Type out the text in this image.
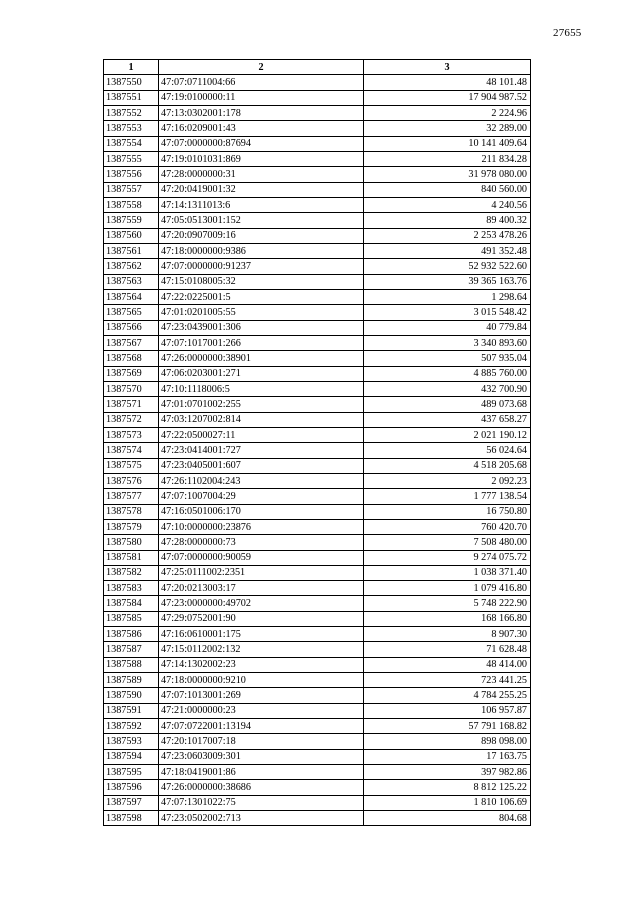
27655
1	2	3
1387550	47:07:0711004:66	48 101.48
1387551	47:19:0100000:11	17 904 987.52
1387552	47:13:0302001:178	2 224.96
1387553	47:16:0209001:43	32 289.00
1387554	47:07:0000000:87694	10 141 409.64
1387555	47:19:0101031:869	211 834.28
1387556	47:28:0000000:31	31 978 080.00
1387557	47:20:0419001:32	840 560.00
1387558	47:14:1311013:6	4 240.56
1387559	47:05:0513001:152	89 400.32
1387560	47:20:0907009:16	2 253 478.26
1387561	47:18:0000000:9386	491 352.48
1387562	47:07:0000000:91237	52 932 522.60
1387563	47:15:0108005:32	39 365 163.76
1387564	47:22:0225001:5	1 298.64
1387565	47:01:0201005:55	3 015 548.42
1387566	47:23:0439001:306	40 779.84
1387567	47:07:1017001:266	3 340 893.60
1387568	47:26:0000000:38901	507 935.04
1387569	47:06:0203001:271	4 885 760.00
1387570	47:10:1118006:5	432 700.90
1387571	47:01:0701002:255	489 073.68
1387572	47:03:1207002:814	437 658.27
1387573	47:22:0500027:11	2 021 190.12
1387574	47:23:0414001:727	56 024.64
1387575	47:23:0405001:607	4 518 205.68
1387576	47:26:1102004:243	2 092.23
1387577	47:07:1007004:29	1 777 138.54
1387578	47:16:0501006:170	16 750.80
1387579	47:10:0000000:23876	760 420.70
1387580	47:28:0000000:73	7 508 480.00
1387581	47:07:0000000:90059	9 274 075.72
1387582	47:25:0111002:2351	1 038 371.40
1387583	47:20:0213003:17	1 079 416.80
1387584	47:23:0000000:49702	5 748 222.90
1387585	47:29:0752001:90	168 166.80
1387586	47:16:0610001:175	8 907.30
1387587	47:15:0112002:132	71 628.48
1387588	47:14:1302002:23	48 414.00
1387589	47:18:0000000:9210	723 441.25
1387590	47:07:1013001:269	4 784 255.25
1387591	47:21:0000000:23	106 957.87
1387592	47:07:0722001:13194	57 791 168.82
1387593	47:20:1017007:18	898 098.00
1387594	47:23:0603009:301	17 163.75
1387595	47:18:0419001:86	397 982.86
1387596	47:26:0000000:38686	8 812 125.22
1387597	47:07:1301022:75	1 810 106.69
1387598	47:23:0502002:713	804.68
